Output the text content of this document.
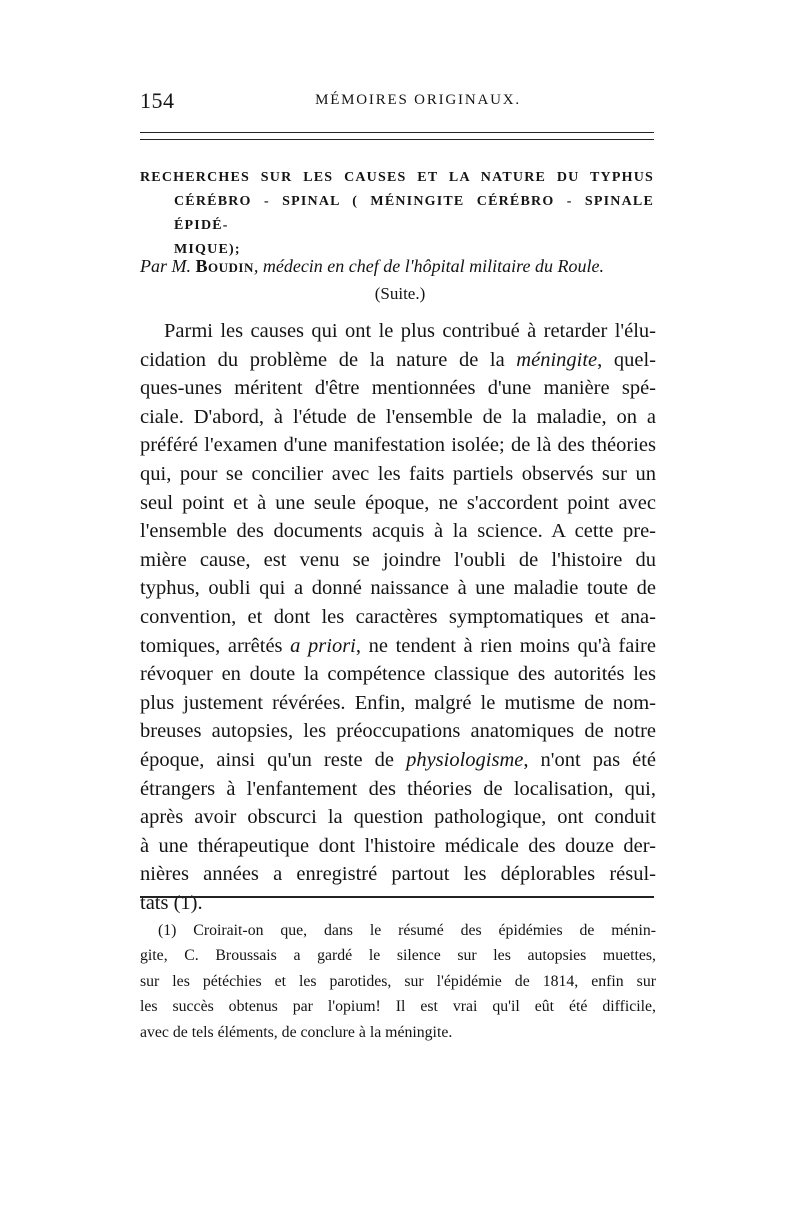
154	MÉMOIRES ORIGINAUX.
RECHERCHES SUR LES CAUSES ET LA NATURE DU TYPHUS
CÉRÉBRO - SPINAL ( MÉNINGITE CÉRÉBRO - SPINALE ÉPIDÉ-
MIQUE);
Par M. Boudin, médecin en chef de l'hôpital militaire du Roule.
(Suite.)
Parmi les causes qui ont le plus contribué à retarder l'élu-
cidation du problème de la nature de la méningite, quel-
ques-unes méritent d'être mentionnées d'une manière spé-
ciale. D'abord, à l'étude de l'ensemble de la maladie, on a
préféré l'examen d'une manifestation isolée; de là des théories
qui, pour se concilier avec les faits partiels observés sur un
seul point et à une seule époque, ne s'accordent point avec
l'ensemble des documents acquis à la science. A cette pre-
mière cause, est venu se joindre l'oubli de l'histoire du
typhus, oubli qui a donné naissance à une maladie toute de
convention, et dont les caractères symptomatiques et ana-
tomiques, arrêtés a priori, ne tendent à rien moins qu'à faire
révoquer en doute la compétence classique des autorités les
plus justement révérées. Enfin, malgré le mutisme de nom-
breuses autopsies, les préoccupations anatomiques de notre
époque, ainsi qu'un reste de physiologisme, n'ont pas été
étrangers à l'enfantement des théories de localisation, qui,
après avoir obscurci la question pathologique, ont conduit
à une thérapeutique dont l'histoire médicale des douze der-
nières années a enregistré partout les déplorables résul-
tats (1).
(1) Croirait-on que, dans le résumé des épidémies de ménin-
gite, C. Broussais a gardé le silence sur les autopsies muettes,
sur les pétéchies et les parotides, sur l'épidémie de 1814, enfin sur
les succès obtenus par l'opium! Il est vrai qu'il eût été difficile,
avec de tels éléments, de conclure à la méningite.
